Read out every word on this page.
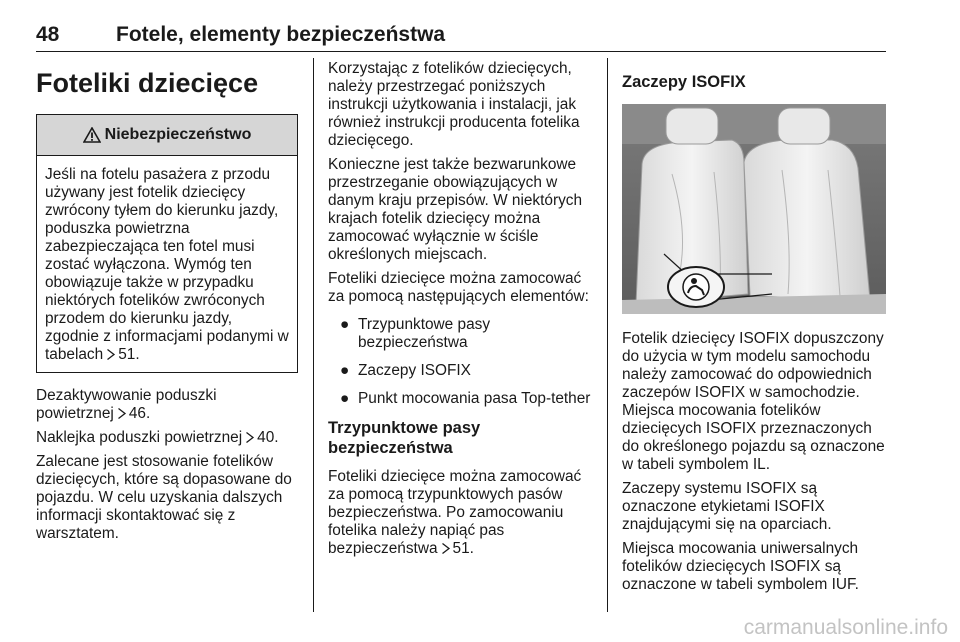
48	Fotele, elementy bezpieczeństwa
Foteliki dziecięce
Niebezpieczeństwo
Jeśli na fotelu pasażera z przodu używany jest fotelik dziecięcy zwrócony tyłem do kierunku jazdy, poduszka powietrzna zabezpieczająca ten fotel musi zostać wyłączona. Wymóg ten obowiązuje także w przypadku niektórych fotelików zwróconych przodem do kierunku jazdy, zgodnie z informacjami podanymi w tabelach 51.

Dezaktywowanie poduszki powietrznej 46.

Naklejka poduszki powietrznej 40.

Zalecane jest stosowanie fotelików dziecięcych, które są dopasowane do pojazdu. W celu uzyskania dalszych informacji skontaktować się z warsztatem.

Korzystając z fotelików dziecięcych, należy przestrzegać poniższych instrukcji użytkowania i instalacji, jak również instrukcji producenta fotelika dziecięcego.

Konieczne jest także bezwarunkowe przestrzeganie obowiązujących w danym kraju przepisów. W niektórych krajach fotelik dziecięcy można zamocować wyłącznie w ściśle określonych miejscach.

Foteliki dziecięce można zamocować za pomocą następujących elementów:

● Trzypunktowe pasy bezpieczeństwa
● Zaczepy ISOFIX
● Punkt mocowania pasa Top-tether
Trzypunktowe pasy bezpieczeństwa

Foteliki dziecięce można zamocować za pomocą trzypunktowych pasów bezpieczeństwa. Po zamocowaniu fotelika należy napiąć pas bezpieczeństwa 51.

Zaczepy ISOFIX

Fotelik dziecięcy ISOFIX dopuszczony do użycia w tym modelu samochodu należy zamocować do odpowiednich zaczepów ISOFIX w samochodzie. Miejsca mocowania fotelików dziecięcych ISOFIX przeznaczonych do określonego pojazdu są oznaczone w tabeli symbolem IL.

Zaczepy systemu ISOFIX są oznaczone etykietami ISOFIX znajdującymi się na oparciach.

Miejsca mocowania uniwersalnych fotelików dziecięcych ISOFIX są oznaczone w tabeli symbolem IUF.

carmanualsonline.info
